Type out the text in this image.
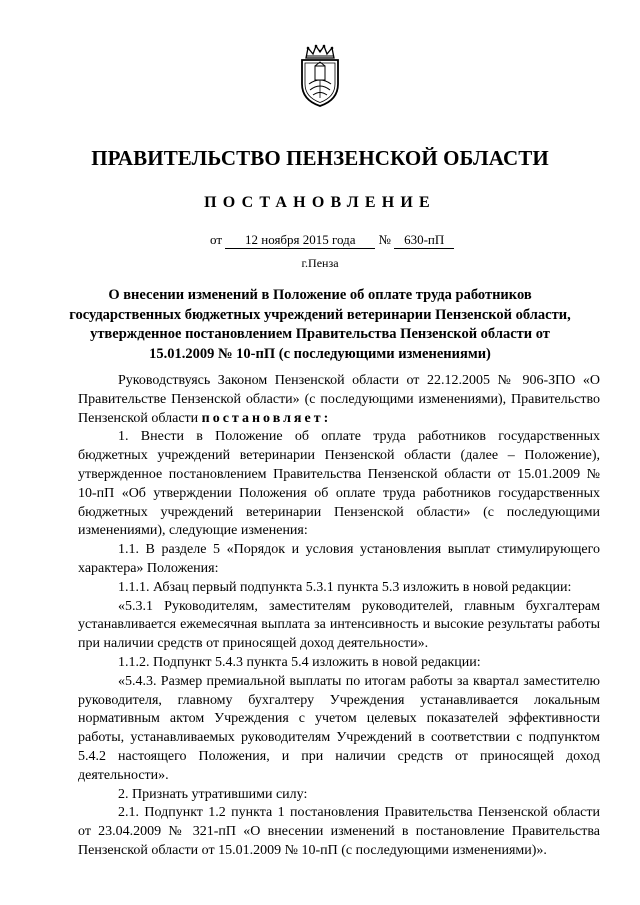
ПРАВИТЕЛЬСТВО ПЕНЗЕНСКОЙ ОБЛАСТИ
ПОСТАНОВЛЕНИЕ
от 12 ноября 2015 года № 630-пП
г.Пенза
О внесении изменений в Положение об оплате труда работников государственных бюджетных учреждений ветеринарии Пензенской области, утвержденное постановлением Правительства Пензенской области от 15.01.2009 № 10-пП (с последующими изменениями)

Руководствуясь Законом Пензенской области от 22.12.2005 № 906-ЗПО «О Правительстве Пензенской области» (с последующими изменениями), Правительство Пензенской области постановляет:

1. Внести в Положение об оплате труда работников государственных бюджетных учреждений ветеринарии Пензенской области (далее – Положение), утвержденное постановлением Правительства Пензенской области от 15.01.2009 № 10-пП «Об утверждении Положения об оплате труда работников государственных бюджетных учреждений ветеринарии Пензенской области» (с последующими изменениями), следующие изменения:

1.1. В разделе 5 «Порядок и условия установления выплат стимулирующего характера» Положения:

1.1.1. Абзац первый подпункта 5.3.1 пункта 5.3 изложить в новой редакции:

«5.3.1 Руководителям, заместителям руководителей, главным бухгалтерам устанавливается ежемесячная выплата за интенсивность и высокие результаты работы при наличии средств от приносящей доход деятельности».

1.1.2. Подпункт 5.4.3 пункта 5.4 изложить в новой редакции:

«5.4.3. Размер премиальной выплаты по итогам работы за квартал заместителю руководителя, главному бухгалтеру Учреждения устанавливается локальным нормативным актом Учреждения с учетом целевых показателей эффективности работы, устанавливаемых руководителям Учреждений в соответствии с подпунктом 5.4.2 настоящего Положения, и при наличии средств от приносящей доход деятельности».

2. Признать утратившими силу:

2.1. Подпункт 1.2 пункта 1 постановления Правительства Пензенской области от 23.04.2009 № 321-пП «О внесении изменений в постановление Правительства Пензенской области от 15.01.2009 № 10-пП (с последующими изменениями)».
